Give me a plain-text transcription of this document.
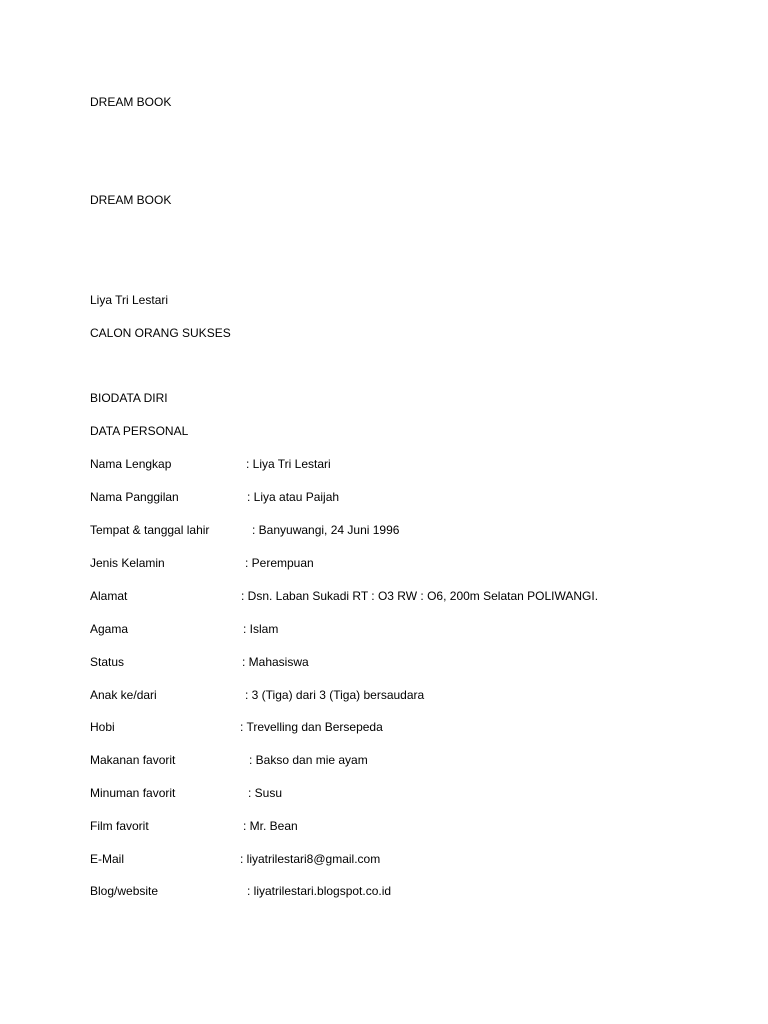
DREAM BOOK
DREAM BOOK
Liya Tri Lestari
CALON ORANG SUKSES
BIODATA DIRI
DATA PERSONAL
Nama Lengkap	: Liya Tri Lestari
Nama Panggilan	: Liya atau Paijah
Tempat & tanggal lahir	: Banyuwangi, 24 Juni 1996
Jenis Kelamin	: Perempuan
Alamat	: Dsn. Laban Sukadi RT : O3 RW : O6, 200m Selatan POLIWANGI.
Agama	: Islam
Status	: Mahasiswa
Anak ke/dari	: 3 (Tiga) dari 3 (Tiga) bersaudara
Hobi	: Trevelling dan Bersepeda
Makanan favorit	: Bakso dan mie ayam
Minuman favorit	: Susu
Film favorit	: Mr. Bean
E-Mail	: liyatrilestari8@gmail.com
Blog/website	: liyatrilestari.blogspot.co.id
